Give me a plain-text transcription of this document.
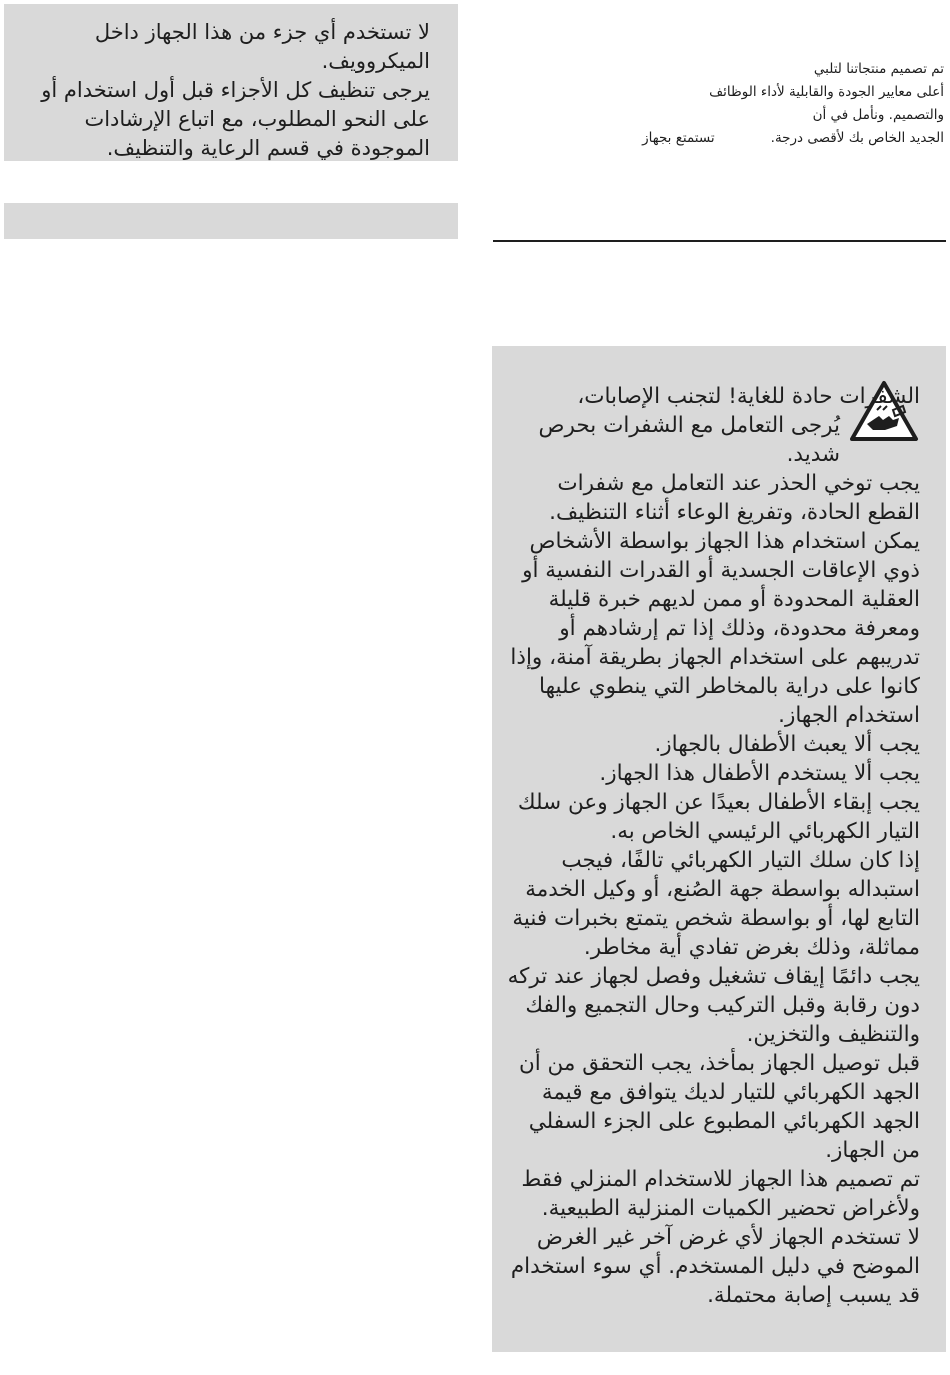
لا تستخدم أي جزء من هذا الجهاز داخل الميكروويف.
يرجى تنظيف كل الأجزاء قبل أول استخدام أو على النحو المطلوب، مع اتباع الإرشادات الموجودة في قسم الرعاية والتنظيف.

تم تصميم منتجاتنا لتلبي
أعلى معايير الجودة والقابلية لأداء الوظائف
والتصميم. ونأمل في أن
الجديد الخاص بك لأقصى درجة.تستمتع بجهاز

الشفرات حادة للغاية! لتجنب الإصابات،
يُرجى التعامل مع الشفرات بحرص
شديد.
يجب توخي الحذر عند التعامل مع شفرات القطع الحادة، وتفريغ الوعاء أثناء التنظيف.
يمكن استخدام هذا الجهاز بواسطة الأشخاص ذوي الإعاقات الجسدية أو القدرات النفسية أو العقلية المحدودة أو ممن لديهم خبرة قليلة ومعرفة محدودة، وذلك إذا تم إرشادهم أو تدريبهم على استخدام الجهاز بطريقة آمنة، وإذا كانوا على دراية بالمخاطر التي ينطوي عليها استخدام الجهاز.
يجب ألا يعبث الأطفال بالجهاز.
يجب ألا يستخدم الأطفال هذا الجهاز.
يجب إبقاء الأطفال بعيدًا عن الجهاز وعن سلك التيار الكهربائي الرئيسي الخاص به.
إذا كان سلك التيار الكهربائي تالفًا، فيجب استبداله بواسطة جهة الصُنع، أو وكيل الخدمة التابع لها، أو بواسطة شخص يتمتع بخبرات فنية مماثلة، وذلك بغرض تفادي أية مخاطر.
يجب دائمًا إيقاف تشغيل وفصل لجهاز عند تركه دون رقابة وقبل التركيب وحال التجميع والفك والتنظيف والتخزين.
قبل توصيل الجهاز بمأخذ، يجب التحقق من أن الجهد الكهربائي للتيار لديك يتوافق مع قيمة الجهد الكهربائي المطبوع على الجزء السفلي من الجهاز.
تم تصميم هذا الجهاز للاستخدام المنزلي فقط ولأغراض تحضير الكميات المنزلية الطبيعية.
لا تستخدم الجهاز لأي غرض آخر غير الغرض الموضح في دليل المستخدم. أي سوء استخدام قد يسبب إصابة محتملة.
